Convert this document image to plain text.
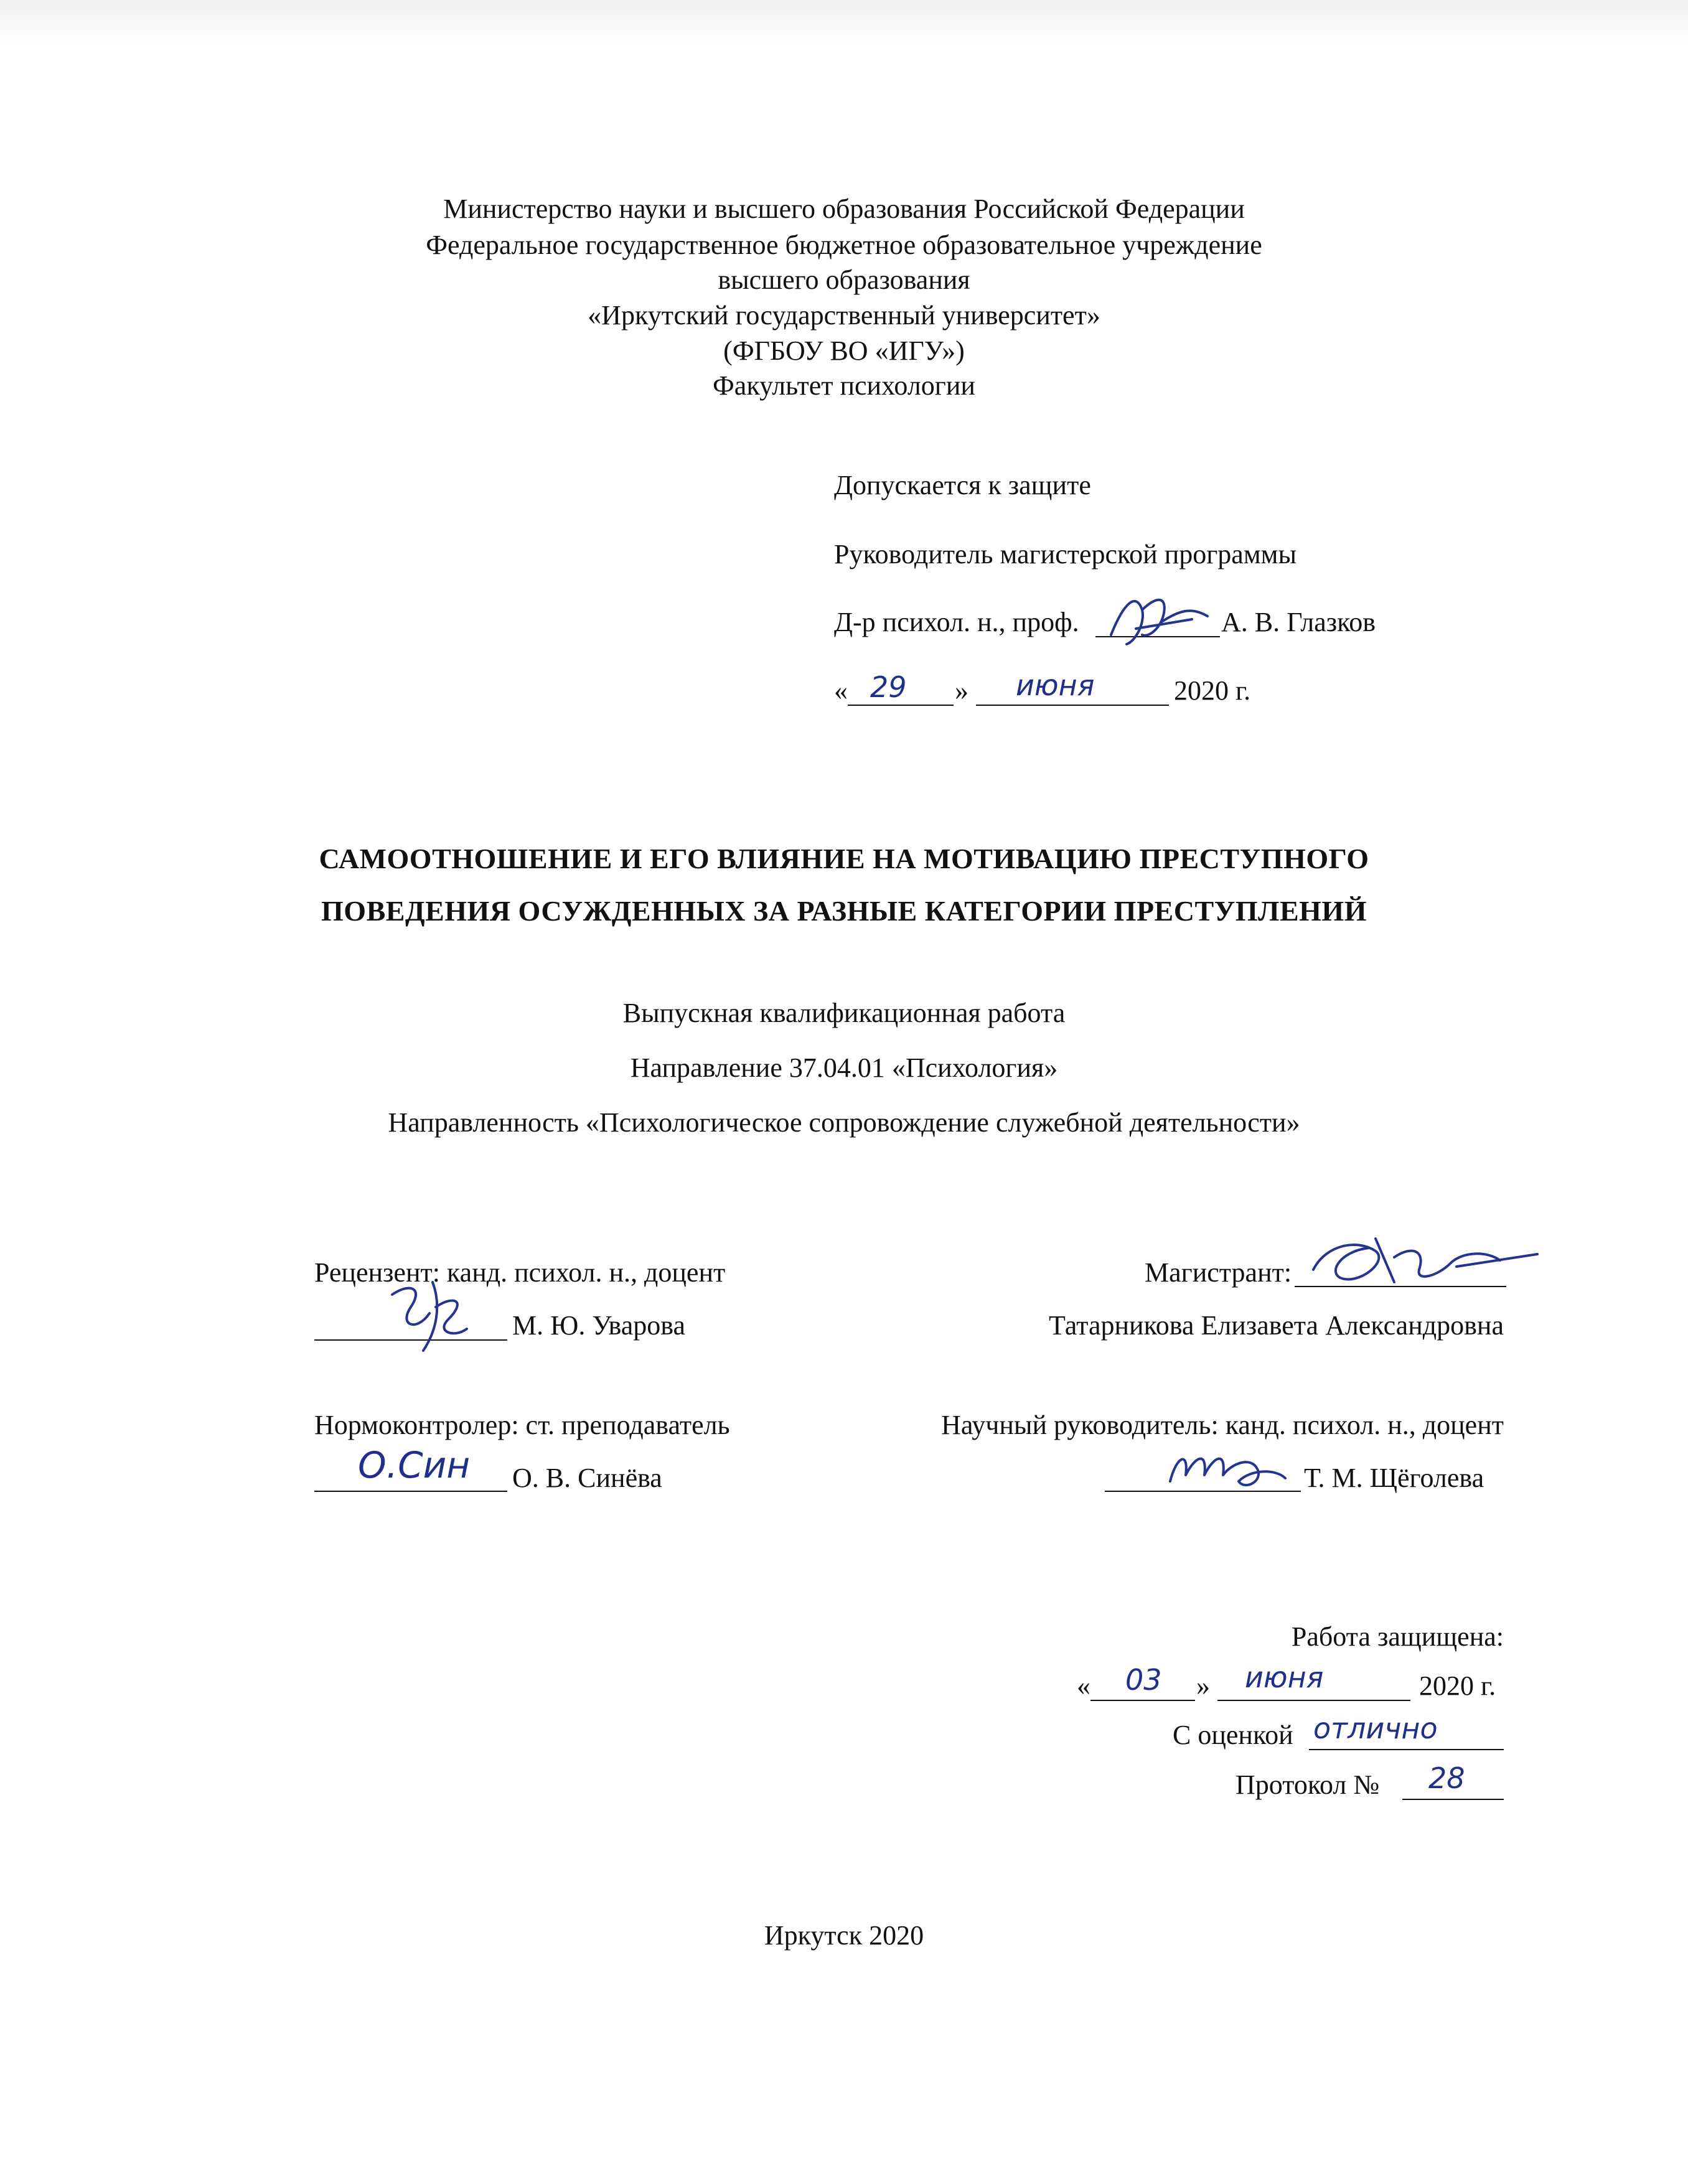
Министерство науки и высшего образования Российской Федерации
Федеральное государственное бюджетное образовательное учреждение
высшего образования
«Иркутский государственный университет»
(ФГБОУ ВО «ИГУ»)
Факультет психологии
Допускается к защите
Руководитель магистерской программы
Д-р психол. н., проф.	А. В. Глазков
« 29 » июня	2020 г.
САМООТНОШЕНИЕ И ЕГО ВЛИЯНИЕ НА МОТИВАЦИЮ ПРЕСТУПНОГО
ПОВЕДЕНИЯ ОСУЖДЕННЫХ ЗА РАЗНЫЕ КАТЕГОРИИ ПРЕСТУПЛЕНИЙ
Выпускная квалификационная работа
Направление 37.04.01 «Психология»
Направленность «Психологическое сопровождение служебной деятельности»
Рецензент: канд. психол. н., доцент
М. Ю. Уварова
Магистрант:
Татарникова Елизавета Александровна
Нормоконтролер: ст. преподаватель
О.Син О. В. Синёва
Научный руководитель: канд. психол. н., доцент
Т. М. Щёголева
Работа защищена:
« 03 » июня	2020 г.
С оценкой отлично
Протокол № 28
Иркутск 2020
